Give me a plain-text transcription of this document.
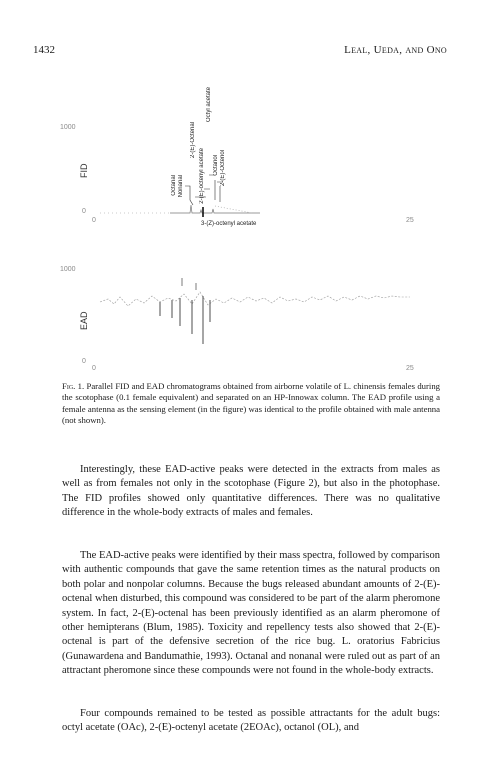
1432	Leal, Ueda, and Ono
1000
FID
0
0	25
Octanal Nonanal
2-(E)-Octenal
2-(E)-octenyl acetate
Octyl acetate
Octanol 2-(E)-Octenol
3-(Z)-octenyl acetate
1000
EAD
0
0	25

Fig. 1. Parallel FID and EAD chromatograms obtained from airborne volatile of L. chinensis females during the scotophase (0.1 female equivalent) and separated on an HP-Innowax column. The EAD profile using a female antenna as the sensing element (in the figure) was identical to the profile obtained with male antenna (not shown).

Interestingly, these EAD-active peaks were detected in the extracts from males as well as from females not only in the scotophase (Figure 2), but also in the photophase. The FID profiles showed only quantitative differences. There was no qualitative difference in the whole-body extracts of males and females.

The EAD-active peaks were identified by their mass spectra, followed by comparison with authentic compounds that gave the same retention times as the natural products on both polar and nonpolar columns. Because the bugs released abundant amounts of 2-(E)-octenal when disturbed, this compound was considered to be part of the alarm pheromone system. In fact, 2-(E)-octenal has been previously identified as an alarm pheromone of other hemipterans (Blum, 1985). Toxicity and repellency tests also showed that 2-(E)-octenal is part of the defensive secretion of the rice bug. L. oratorius Fabricius (Gunawardena and Bandumathie, 1993). Octanal and nonanal were ruled out as part of an attractant pheromone since these compounds were not found in the whole-body extracts.

Four compounds remained to be tested as possible attractants for the adult bugs: octyl acetate (OAc), 2-(E)-octenyl acetate (2EOAc), octanol (OL), and
